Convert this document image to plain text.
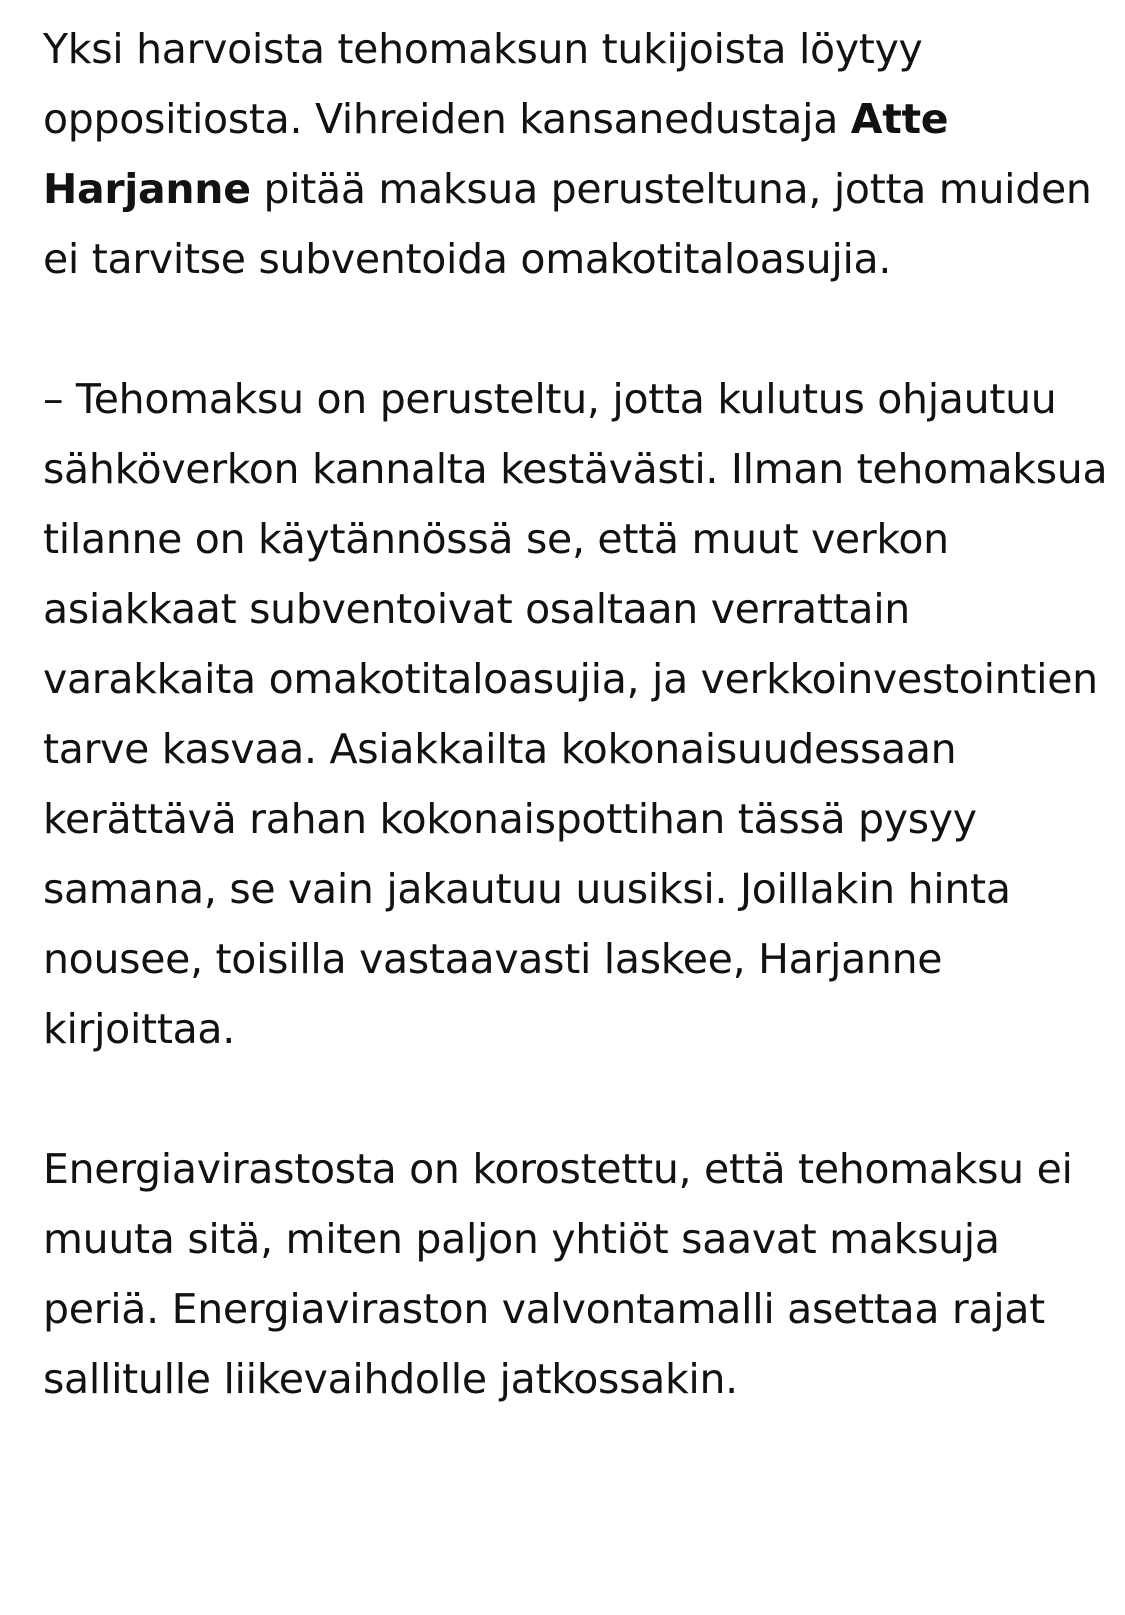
Yksi harvoista tehomaksun tukijoista löytyy oppositiosta. Vihreiden kansanedustaja Atte Harjanne pitää maksua perusteltuna, jotta muiden ei tarvitse subventoida omakotitaloasujia.

– Tehomaksu on perusteltu, jotta kulutus ohjautuu sähköverkon kannalta kestävästi. Ilman tehomaksua tilanne on käytännössä se, että muut verkon asiakkaat subventoivat osaltaan verrattain varakkaita omakotitaloasujia, ja verkkoinvestointien tarve kasvaa. Asiakkailta kokonaisuudessaan kerättävä rahan kokonaispottihan tässä pysyy samana, se vain jakautuu uusiksi. Joillakin hinta nousee, toisilla vastaavasti laskee, Harjanne kirjoittaa.

Energiavirastosta on korostettu, että tehomaksu ei muuta sitä, miten paljon yhtiöt saavat maksuja periä. Energiaviraston valvontamalli asettaa rajat sallitulle liikevaihdolle jatkossakin.
